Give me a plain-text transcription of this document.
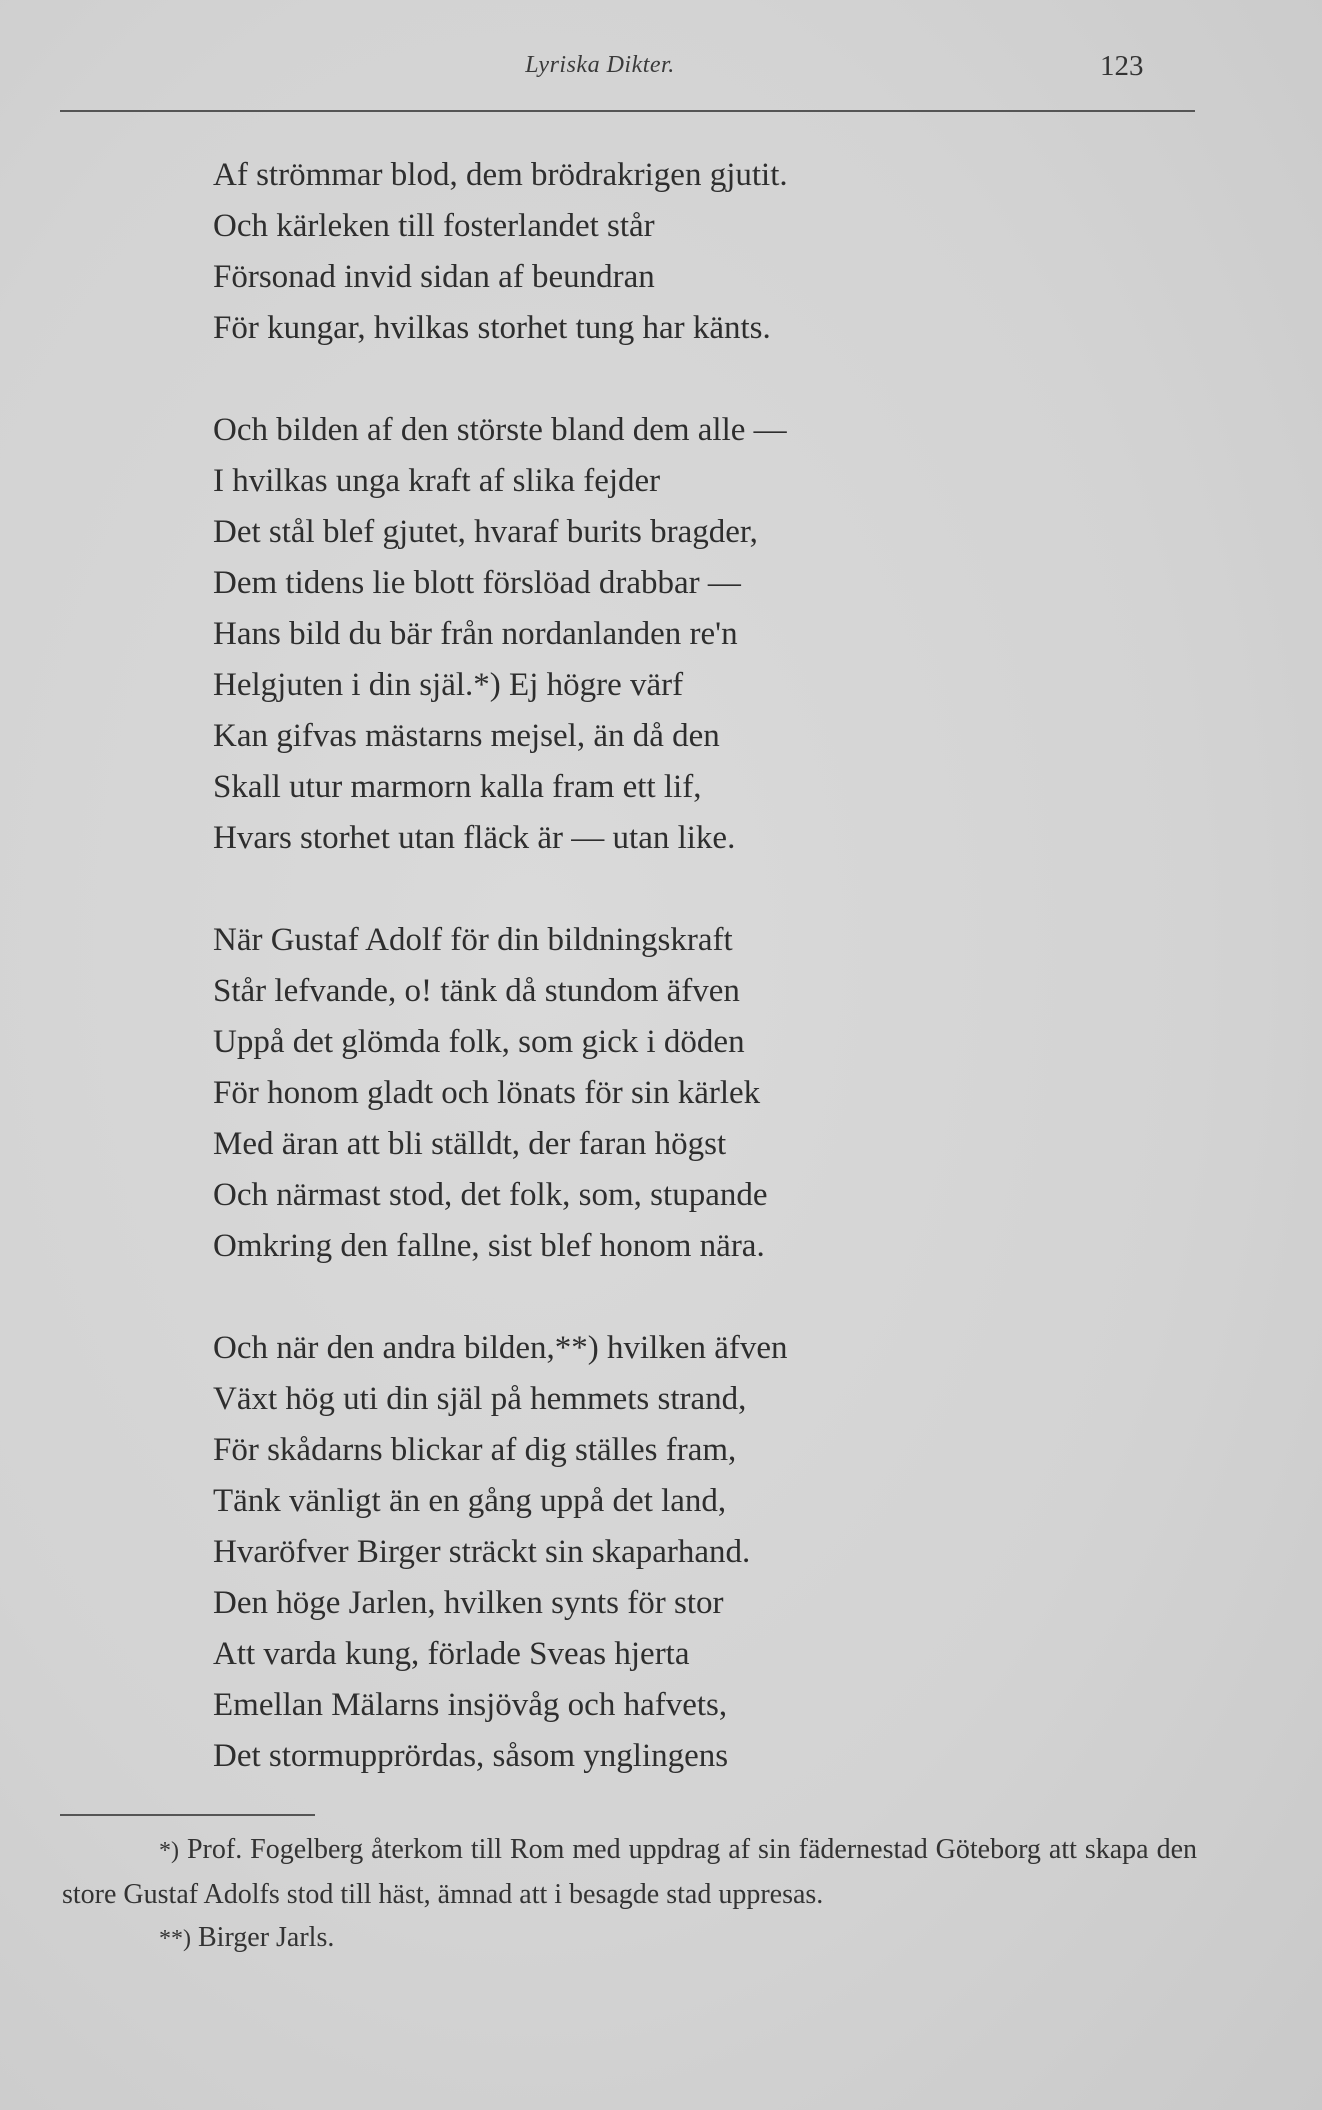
Lyriska Dikter.	123
Af strömmar blod, dem brödrakrigen gjutit.
Och kärleken till fosterlandet står
Försonad invid sidan af beundran
För kungar, hvilkas storhet tung har känts.
Och bilden af den störste bland dem alle —
I hvilkas unga kraft af slika fejder
Det stål blef gjutet, hvaraf burits bragder,
Dem tidens lie blott förslöad drabbar —
Hans bild du bär från nordanlanden re'n
Helgjuten i din själ.*) Ej högre värf
Kan gifvas mästarns mejsel, än då den
Skall utur marmorn kalla fram ett lif,
Hvars storhet utan fläck är — utan like.
När Gustaf Adolf för din bildningskraft
Står lefvande, o! tänk då stundom äfven
Uppå det glömda folk, som gick i döden
För honom gladt och lönats för sin kärlek
Med äran att bli ställdt, der faran högst
Och närmast stod, det folk, som, stupande
Omkring den fallne, sist blef honom nära.
Och när den andra bilden,**) hvilken äfven
Växt hög uti din själ på hemmets strand,
För skådarns blickar af dig ställes fram,
Tänk vänligt än en gång uppå det land,
Hvaröfver Birger sträckt sin skaparhand.
Den höge Jarlen, hvilken synts för stor
Att varda kung, förlade Sveas hjerta
Emellan Mälarns insjövåg och hafvets,
Det stormupprördas, såsom ynglingens

*) Prof. Fogelberg återkom till Rom med uppdrag af sin fädernestad Göteborg att skapa den store Gustaf Adolfs stod till häst, ämnad att i besagde stad uppresas.

**) Birger Jarls.
